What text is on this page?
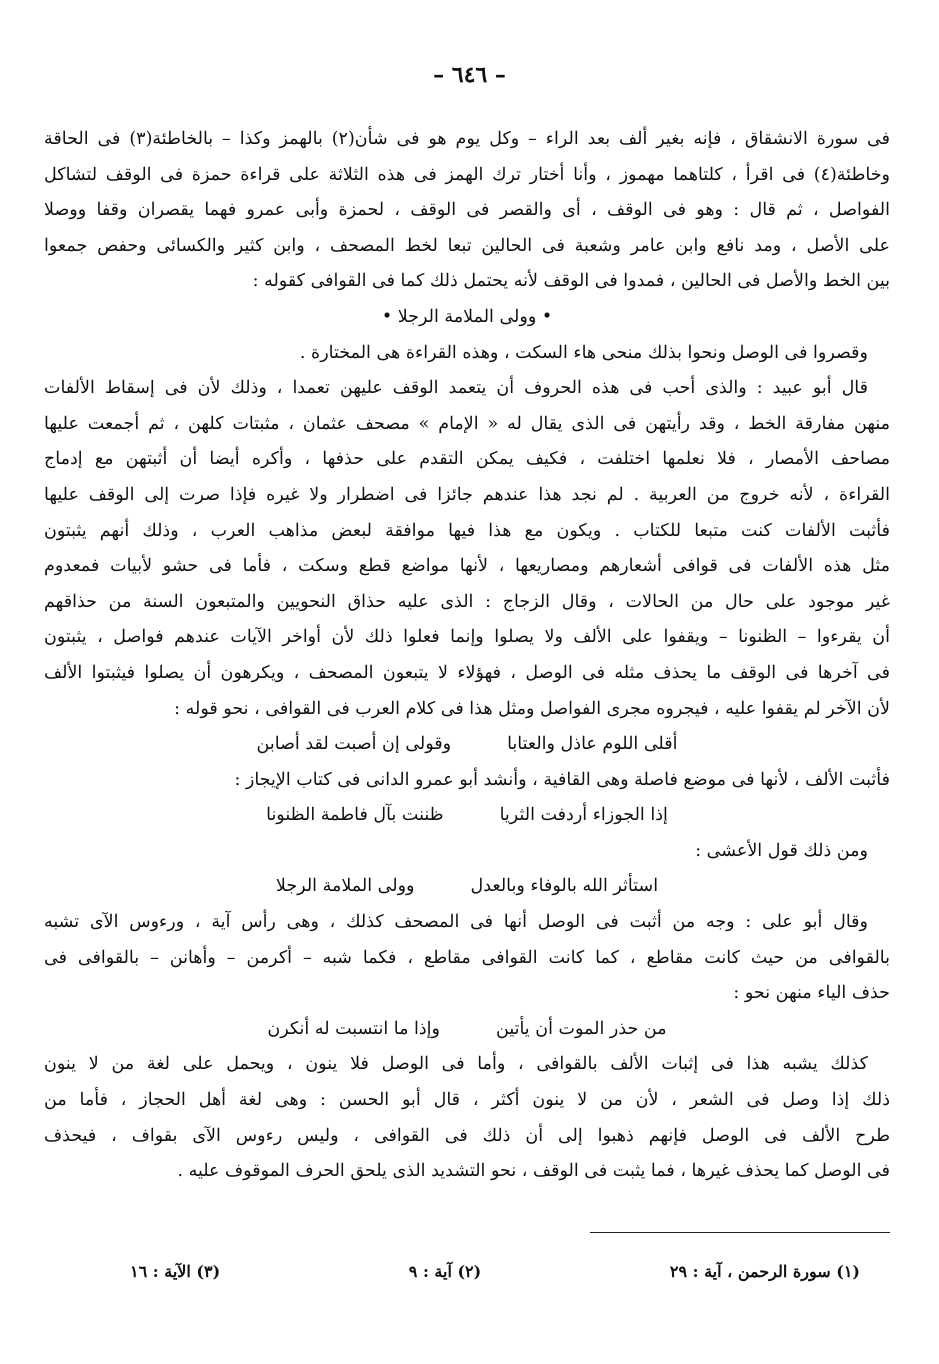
– ٦٤٦ –
فى سورة الانشقاق ، فإنه بغير ألف بعد الراء – وكل يوم هو فى شأن(٢) بالهمز وكذا – بالخاطئة(٣) فى الحاقة
وخاطئة(٤) فى اقرأ ، كلتاهما مهموز ، وأنا أختار ترك الهمز فى هذه الثلاثة على قراءة حمزة فى الوقف لتشاكل
الفواصل ، ثم قال : وهو فى الوقف ، أى والقصر فى الوقف ، لحمزة وأبى عمرو فهما يقصران وقفا ووصلا
على الأصل ، ومد نافع وابن عامر وشعبة فى الحالين تبعا لخط المصحف ، وابن كثير والكسائى وحفص جمعوا
بين الخط والأصل فى الحالين ، فمدوا فى الوقف لأنه يحتمل ذلك كما فى القوافى كقوله :
• وولى الملامة الرجلا •
وقصروا فى الوصل ونحوا بذلك منحى هاء السكت ، وهذه القراءة هى المختارة .
قال أبو عبيد : والذى أحب فى هذه الحروف أن يتعمد الوقف عليهن تعمدا ، وذلك لأن فى إسقاط الألفات
منهن مفارقة الخط ، وقد رأيتهن فى الذى يقال له « الإمام » مصحف عثمان ، مثبتات كلهن ، ثم أجمعت عليها
مصاحف الأمصار ، فلا نعلمها اختلفت ، فكيف يمكن التقدم على حذفها ، وأكره أيضا أن أثبتهن مع إدماج
القراءة ، لأنه خروج من العربية . لم نجد هذا عندهم جائزا فى اضطرار ولا غيره فإذا صرت إلى الوقف عليها
فأثبت الألفات كنت متبعا للكتاب . ويكون مع هذا فيها موافقة لبعض مذاهب العرب ، وذلك أنهم يثبتون
مثل هذه الألفات فى قوافى أشعارهم ومصاريعها ، لأنها مواضع قطع وسكت ، فأما فى حشو لأبيات فمعدوم
غير موجود على حال من الحالات ، وقال الزجاج : الذى عليه حذاق النحويين والمتبعون السنة من حذاقهم
أن يقرءوا – الظنونا – ويقفوا على الألف ولا يصلوا وإنما فعلوا ذلك لأن أواخر الآيات عندهم فواصل ، يثبتون
فى آخرها فى الوقف ما يحذف مثله فى الوصل ، فهؤلاء لا يتبعون المصحف ، ويكرهون أن يصلوا فيثبتوا الألف
لأن الآخر لم يقفوا عليه ، فيجروه مجرى الفواصل ومثل هذا فى كلام العرب فى القوافى ، نحو قوله :
أقلى اللوم عاذل والعتاباوقولى إن أصبت لقد أصابن
فأثبت الألف ، لأنها فى موضع فاصلة وهى القافية ، وأنشد أبو عمرو الدانى فى كتاب الإيجاز :
إذا الجوزاء أردفت الثرياظننت بآل فاطمة الظنونا
ومن ذلك قول الأعشى :
استأثر الله بالوفاء وبالعدلوولى الملامة الرجلا
وقال أبو على : وجه من أثبت فى الوصل أنها فى المصحف كذلك ، وهى رأس آية ، ورءوس الآى تشبه
بالقوافى من حيث كانت مقاطع ، كما كانت القوافى مقاطع ، فكما شبه – أكرمن – وأهانن – بالقوافى فى
حذف الياء منهن نحو :
من حذر الموت أن يأتينوإذا ما انتسبت له أنكرن
كذلك يشبه هذا فى إثبات الألف بالقوافى ، وأما فى الوصل فلا ينون ، ويحمل على لغة من لا ينون
ذلك إذا وصل فى الشعر ، لأن من لا ينون أكثر ، قال أبو الحسن : وهى لغة أهل الحجاز ، فأما من
طرح الألف فى الوصل فإنهم ذهبوا إلى أن ذلك فى القوافى ، وليس رءوس الآى بقواف ، فيحذف
فى الوصل كما يحذف غيرها ، فما يثبت فى الوقف ، نحو التشديد الذى يلحق الحرف الموقوف عليه .
(١) سورة الرحمن ، آية : ٢٩
(٢) آية : ٩
(٣) الآية : ١٦
